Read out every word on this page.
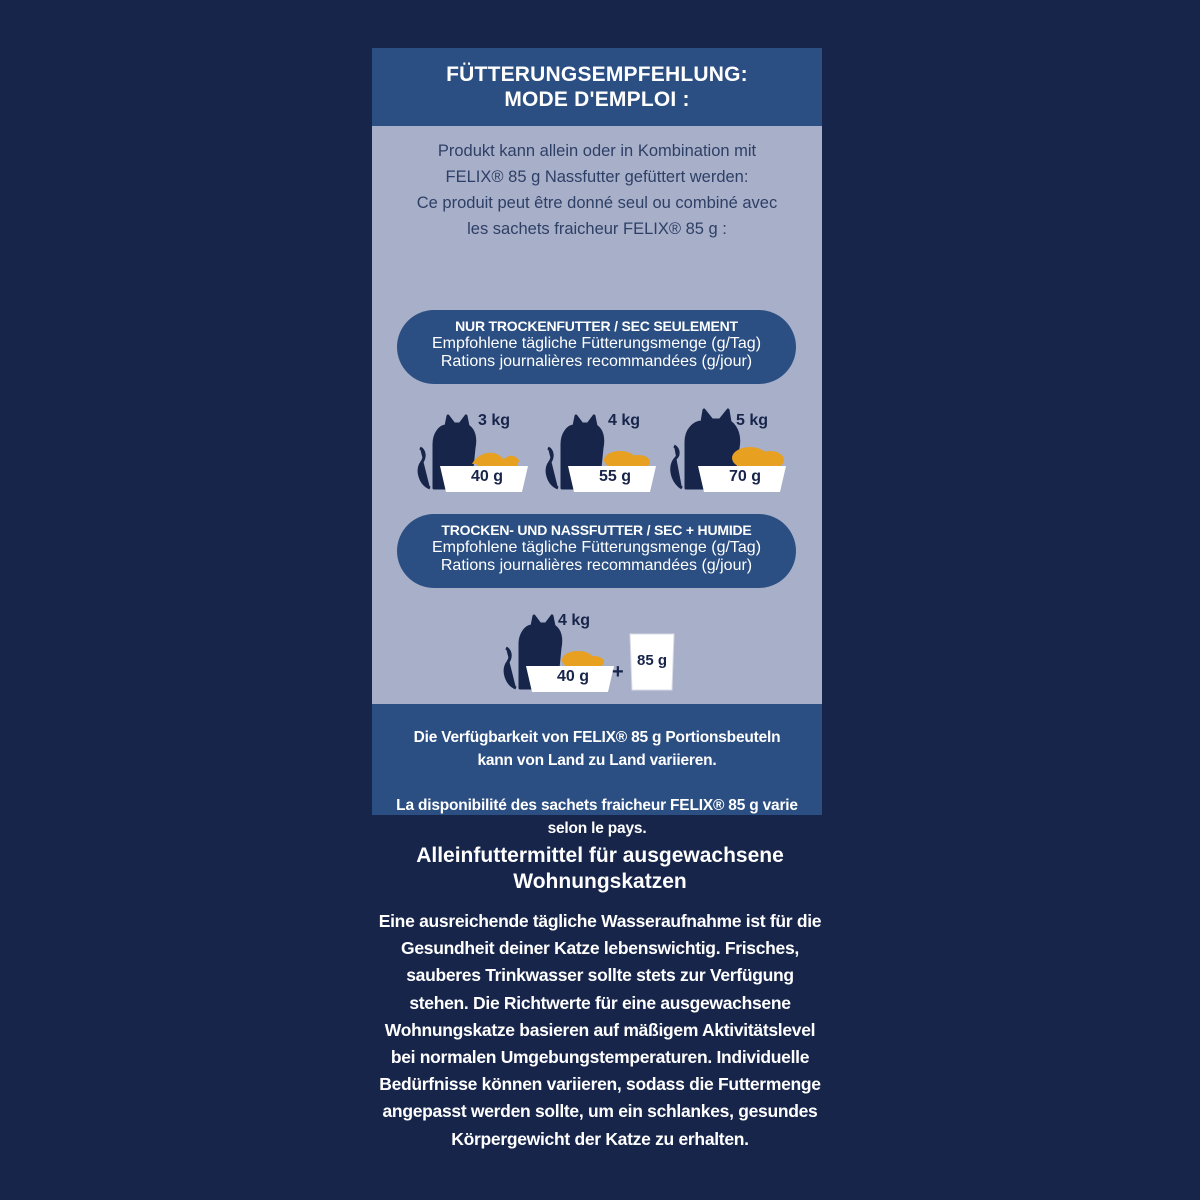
FÜTTERUNGSEMPFEHLUNG:
MODE D'EMPLOI :
Produkt kann allein oder in Kombination mit
FELIX® 85 g Nassfutter gefüttert werden:
Ce produit peut être donné seul ou combiné avec
les sachets fraicheur FELIX® 85 g :
NUR TROCKENFUTTER / SEC SEULEMENT
Empfohlene tägliche Fütterungsmenge (g/Tag)
Rations journalières recommandées (g/jour)
3 kg
40 g
4 kg
55 g
5 kg
70 g
TROCKEN- UND NASSFUTTER / SEC + HUMIDE
Empfohlene tägliche Fütterungsmenge (g/Tag)
Rations journalières recommandées (g/jour)
4 kg
40 g	+
85 g
Die Verfügbarkeit von FELIX® 85 g Portionsbeuteln
kann von Land zu Land variieren.
La disponibilité des sachets fraicheur FELIX® 85 g varie
selon le pays.
Alleinfuttermittel für ausgewachsene
Wohnungskatzen
Eine ausreichende tägliche Wasseraufnahme ist für die
Gesundheit deiner Katze lebenswichtig. Frisches,
sauberes Trinkwasser sollte stets zur Verfügung
stehen. Die Richtwerte für eine ausgewachsene
Wohnungskatze basieren auf mäßigem Aktivitätslevel
bei normalen Umgebungstemperaturen. Individuelle
Bedürfnisse können variieren, sodass die Futtermenge
angepasst werden sollte, um ein schlankes, gesundes
Körpergewicht der Katze zu erhalten.
